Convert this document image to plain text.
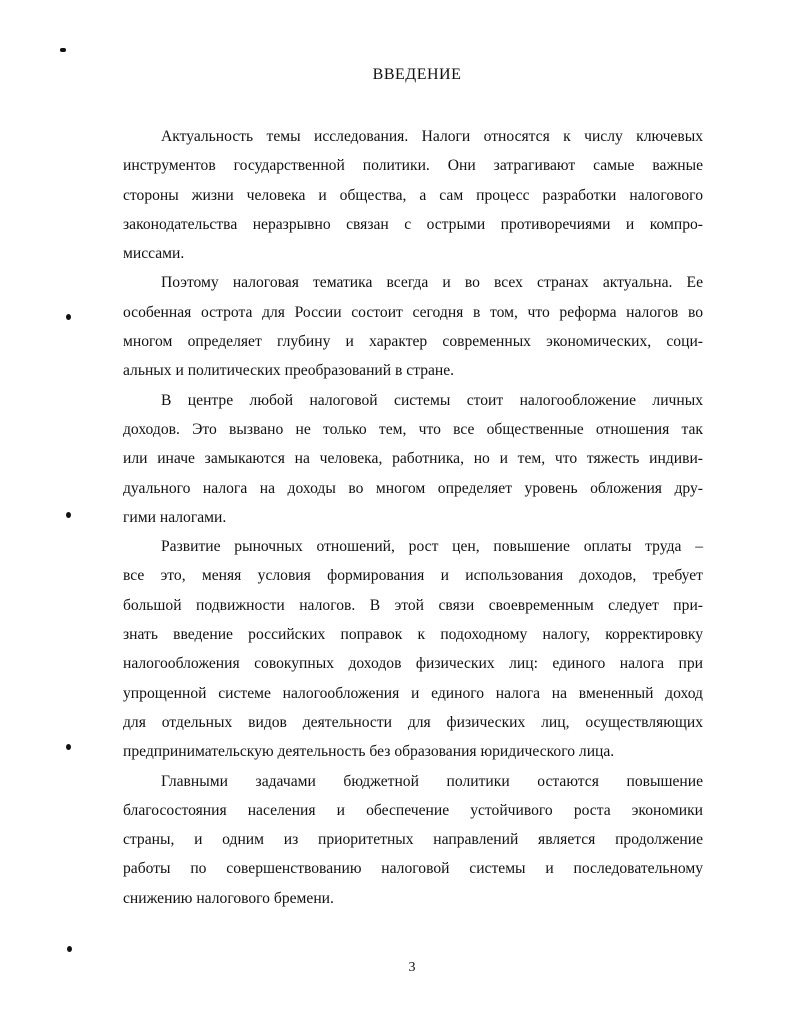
ВВЕДЕНИЕ

Актуальность темы исследования. Налоги относятся к числу ключевых
инструментов государственной политики. Они затрагивают самые важные
стороны жизни человека и общества, а сам процесс разработки налогового
законодательства неразрывно связан с острыми противоречиями и компро-
миссами.

Поэтому налоговая тематика всегда и во всех странах актуальна. Ее
особенная острота для России состоит сегодня в том, что реформа налогов во
многом определяет глубину и характер современных экономических, соци-
альных и политических преобразований в стране.

В центре любой налоговой системы стоит налогообложение личных
доходов. Это вызвано не только тем, что все общественные отношения так
или иначе замыкаются на человека, работника, но и тем, что тяжесть индиви-
дуального налога на доходы во многом определяет уровень обложения дру-
гими налогами.

Развитие рыночных отношений, рост цен, повышение оплаты труда –
все это, меняя условия формирования и использования доходов, требует
большой подвижности налогов. В этой связи своевременным следует при-
знать введение российских поправок к подоходному налогу, корректировку
налогообложения совокупных доходов физических лиц: единого налога при
упрощенной системе налогообложения и единого налога на вмененный доход
для отдельных видов деятельности для физических лиц, осуществляющих
предпринимательскую деятельность без образования юридического лица.

Главными задачами бюджетной политики остаются повышение
благосостояния населения и обеспечение устойчивого роста экономики
страны, и одним из приоритетных направлений является продолжение
работы по совершенствованию налоговой системы и последовательному
снижению налогового бремени.

3
